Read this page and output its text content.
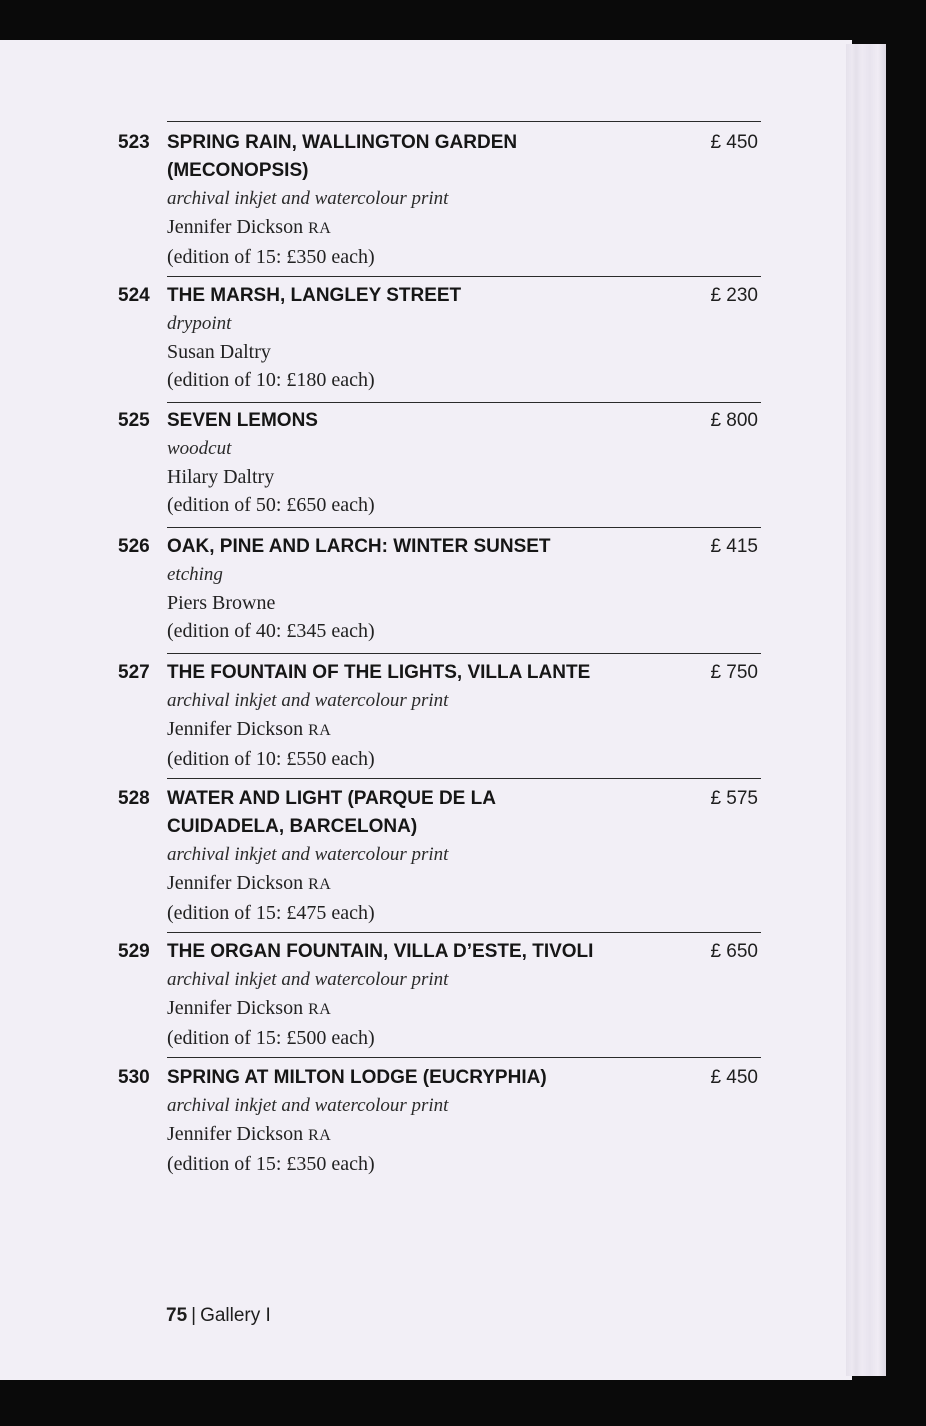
523 SPRING RAIN, WALLINGTON GARDEN
(MECONOPSIS)
archival inkjet and watercolour print
Jennifer Dickson RA
(edition of 15: £350 each)
£ 450
524 THE MARSH, LANGLEY STREET
drypoint
Susan Daltry
(edition of 10: £180 each)
£ 230
525 SEVEN LEMONS
woodcut
Hilary Daltry
(edition of 50: £650 each)
£ 800
526 OAK, PINE AND LARCH: WINTER SUNSET
etching
Piers Browne
(edition of 40: £345 each)
£ 415
527 THE FOUNTAIN OF THE LIGHTS, VILLA LANTE
archival inkjet and watercolour print
Jennifer Dickson RA
(edition of 10: £550 each)
£ 750
528 WATER AND LIGHT (PARQUE DE LA
CUIDADELA, BARCELONA)
archival inkjet and watercolour print
Jennifer Dickson RA
(edition of 15: £475 each)
£ 575
529 THE ORGAN FOUNTAIN, VILLA D’ESTE, TIVOLI
archival inkjet and watercolour print
Jennifer Dickson RA
(edition of 15: £500 each)
£ 650
530 SPRING AT MILTON LODGE (EUCRYPHIA)
archival inkjet and watercolour print
Jennifer Dickson RA
(edition of 15: £350 each)
£ 450
75 | Gallery I
